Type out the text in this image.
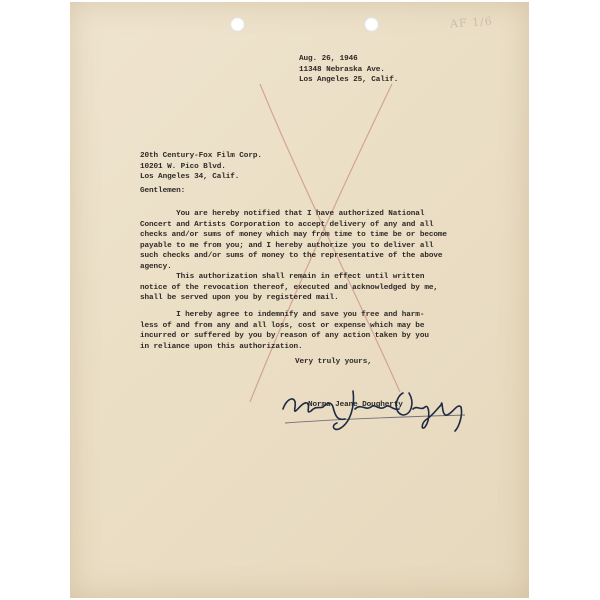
AF 1/6
Aug. 26, 1946
11348 Nebraska Ave.
Los Angeles 25, Calif.
20th Century-Fox Film Corp.
10201 W. Pico Blvd.
Los Angeles 34, Calif.
Gentlemen:
You are hereby notified that I have authorized National
Concert and Artists Corporation to accept delivery of any and all
checks and/or sums of money which may from time to time be or become
payable to me from you; and I hereby authorize you to deliver all
such checks and/or sums of money to the representative of the above
agency.
This authorization shall remain in effect until written
notice of the revocation thereof, executed and acknowledged by me,
shall be served upon you by registered mail.
I hereby agree to indemnify and save you free and harm-
less of and from any and all loss, cost or expense which may be
incurred or suffered by you by reason of any action taken by you
in reliance upon this authorization.
Very truly yours,
Norma Jeane Dougherty
